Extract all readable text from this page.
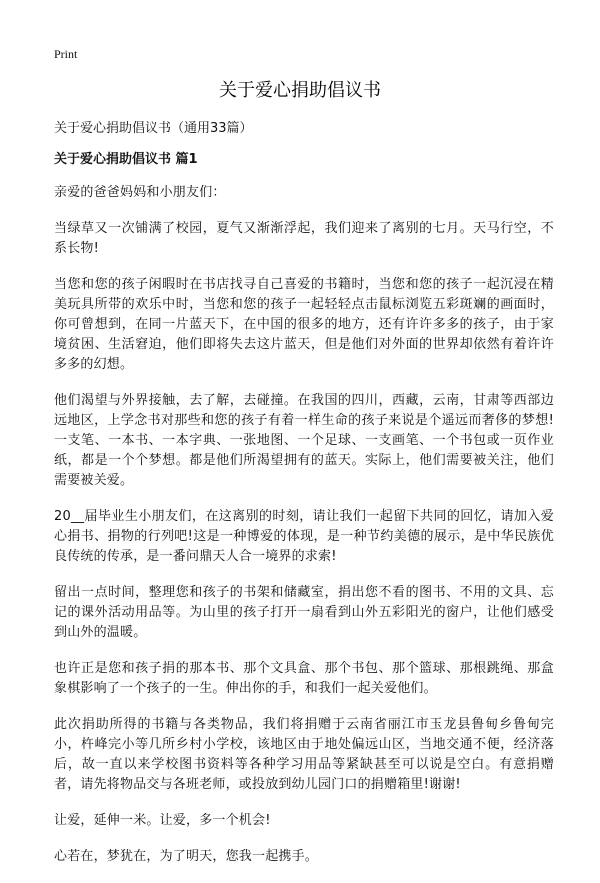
Print
关于爱心捐助倡议书
关于爱心捐助倡议书（通用33篇）
关于爱心捐助倡议书 篇1

亲爱的爸爸妈妈和小朋友们：

当绿草又一次铺满了校园，夏气又渐渐浮起，我们迎来了离别的七月。天马行空，不系长物!

当您和您的孩子闲暇时在书店找寻自己喜爱的书籍时，当您和您的孩子一起沉浸在精美玩具所带的欢乐中时，当您和您的孩子一起轻轻点击鼠标浏览五彩斑斓的画面时，你可曾想到，在同一片蓝天下，在中国的很多的地方，还有许许多多的孩子，由于家境贫困、生活窘迫，他们即将失去这片蓝天，但是他们对外面的世界却依然有着许许多多的幻想。

他们渴望与外界接触，去了解，去碰撞。在我国的四川，西藏，云南，甘肃等西部边远地区，上学念书对那些和您的孩子有着一样生命的孩子来说是个遥远而奢侈的梦想!一支笔、一本书、一本字典、一张地图、一个足球、一支画笔、一个书包或一页作业纸，都是一个个梦想。都是他们所渴望拥有的蓝天。实际上，他们需要被关注，他们需要被关爱。

20__届毕业生小朋友们，在这离别的时刻，请让我们一起留下共同的回忆，请加入爱心捐书、捐物的行列吧!这是一种博爱的体现，是一种节约美德的展示，是中华民族优良传统的传承，是一番问鼎天人合一境界的求索!

留出一点时间，整理您和孩子的书架和储藏室，捐出您不看的图书、不用的文具、忘记的课外活动用品等。为山里的孩子打开一扇看到山外五彩阳光的窗户，让他们感受到山外的温暖。

也许正是您和孩子捐的那本书、那个文具盒、那个书包、那个篮球、那根跳绳、那盒象棋影响了一个孩子的一生。伸出你的手，和我们一起关爱他们。

此次捐助所得的书籍与各类物品，我们将捐赠于云南省丽江市玉龙县鲁甸乡鲁甸完小，杵峰完小等几所乡村小学校，该地区由于地处偏远山区，当地交通不便，经济落后，故一直以来学校图书资料等各种学习用品等紧缺甚至可以说是空白。有意捐赠者，请先将物品交与各班老师，或投放到幼儿园门口的捐赠箱里!谢谢!

让爱，延伸一米。让爱，多一个机会!

心若在，梦犹在，为了明天，您我一起携手。
